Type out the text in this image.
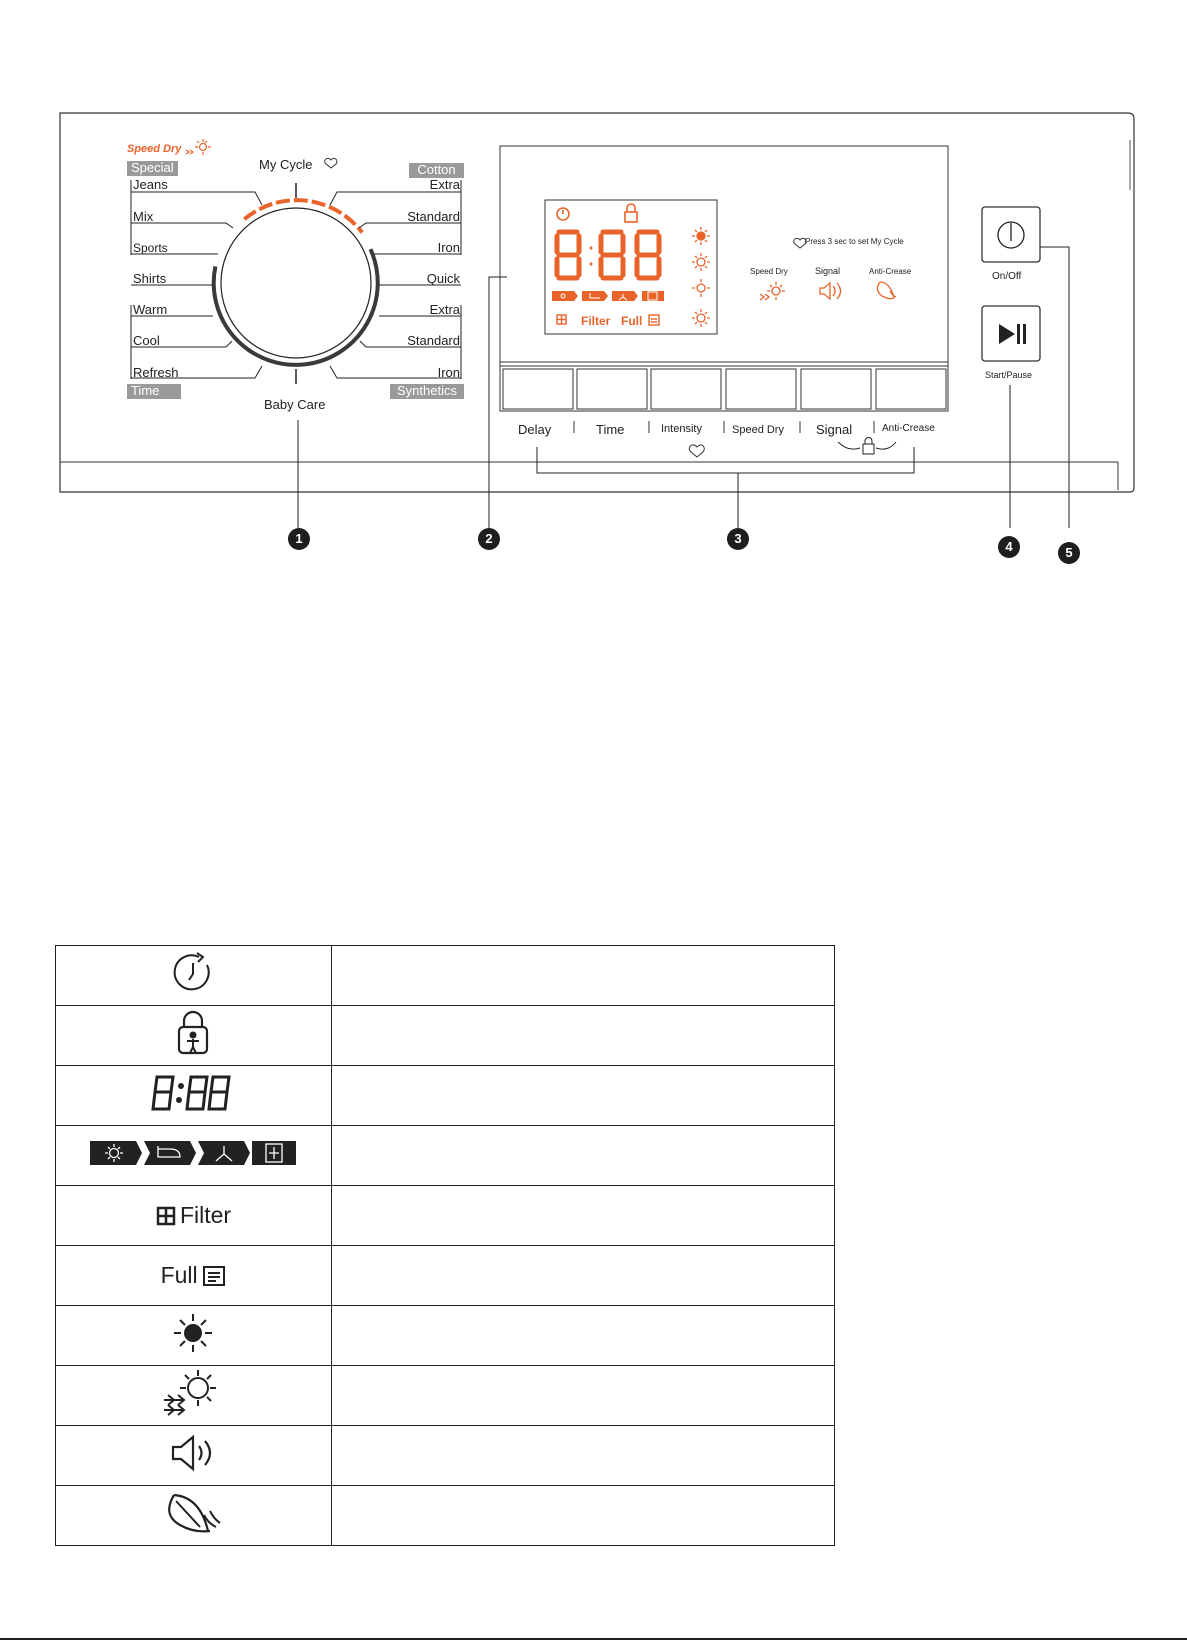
Speed Dry
Special	My Cycle	Cotton
Jeans
Mix
Sports
Shirts
Warm
Cool
Refresh
Time
Extra
Standard
Iron
Quick
Extra
Standard
Iron
Synthetics
Baby Care
Filter Full
Press 3 sec to set My Cycle
Speed Dry	Signal	Anti-Crease
Delay	Time	Intensity	Speed Dry Signal	Anti-Crease
On/Off
Start/Pause
1	2	3
4	5

Filter	
Full	
